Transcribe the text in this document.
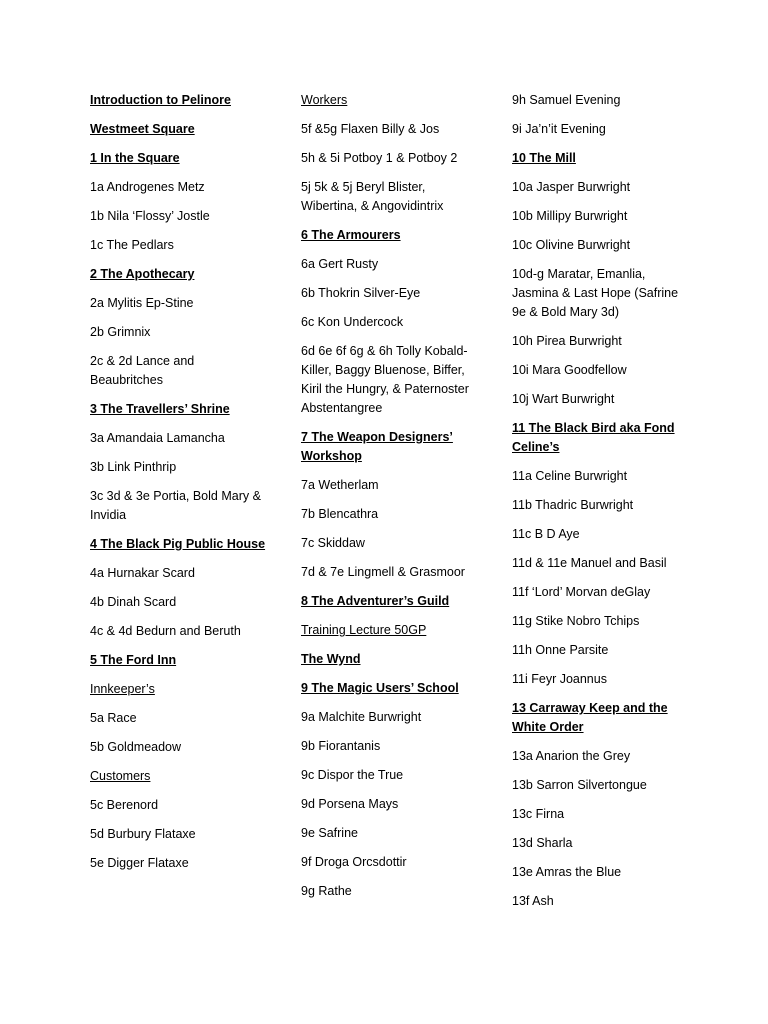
Introduction to Pelinore
Westmeet Square
1 In the Square
1a Androgenes Metz
1b Nila ‘Flossy’ Jostle
1c The Pedlars
2 The Apothecary
2a Mylitis Ep-Stine
2b Grimnix
2c & 2d Lance and Beaubritches
3 The Travellers’ Shrine
3a Amandaia Lamancha
3b Link Pinthrip
3c 3d & 3e Portia, Bold Mary & Invidia
4 The Black Pig Public House
4a Hurnakar Scard
4b Dinah Scard
4c & 4d Bedurn and Beruth
5 The Ford Inn
Innkeeper’s
5a Race
5b Goldmeadow
Customers
5c Berenord
5d Burbury Flataxe
5e Digger Flataxe
Workers
5f &5g Flaxen Billy & Jos
5h & 5i Potboy 1 & Potboy 2
5j 5k & 5j Beryl Blister, Wibertina, & Angovidintrix
6 The Armourers
6a Gert Rusty
6b Thokrin Silver-Eye
6c Kon Undercock
6d 6e 6f 6g & 6h Tolly Kobald-Killer, Baggy Bluenose, Biffer, Kiril the Hungry, & Paternoster Abstentangree
7 The Weapon Designers’ Workshop
7a Wetherlam
7b Blencathra
7c Skiddaw
7d & 7e Lingmell & Grasmoor
8 The Adventurer’s Guild
Training Lecture 50GP
The Wynd
9 The Magic Users’ School
9a Malchite Burwright
9b Fiorantanis
9c Dispor the True
9d Porsena Mays
9e Safrine
9f Droga Orcsdottir
9g Rathe
9h Samuel Evening
9i Ja’n’it Evening
10 The Mill
10a Jasper Burwright
10b Millipy Burwright
10c Olivine Burwright
10d-g Maratar, Emanlia, Jasmina & Last Hope (Safrine 9e & Bold Mary 3d)
10h Pirea Burwright
10i Mara Goodfellow
10j Wart Burwright
11 The Black Bird aka Fond Celine’s
11a Celine Burwright
11b Thadric Burwright
11c B D Aye
11d & 11e Manuel and Basil
11f ‘Lord’ Morvan deGlay
11g Stike Nobro Tchips
11h Onne Parsite
11i Feyr Joannus
13 Carraway Keep and the White Order
13a Anarion the Grey
13b Sarron Silvertongue
13c Firna
13d Sharla
13e Amras the Blue
13f Ash
